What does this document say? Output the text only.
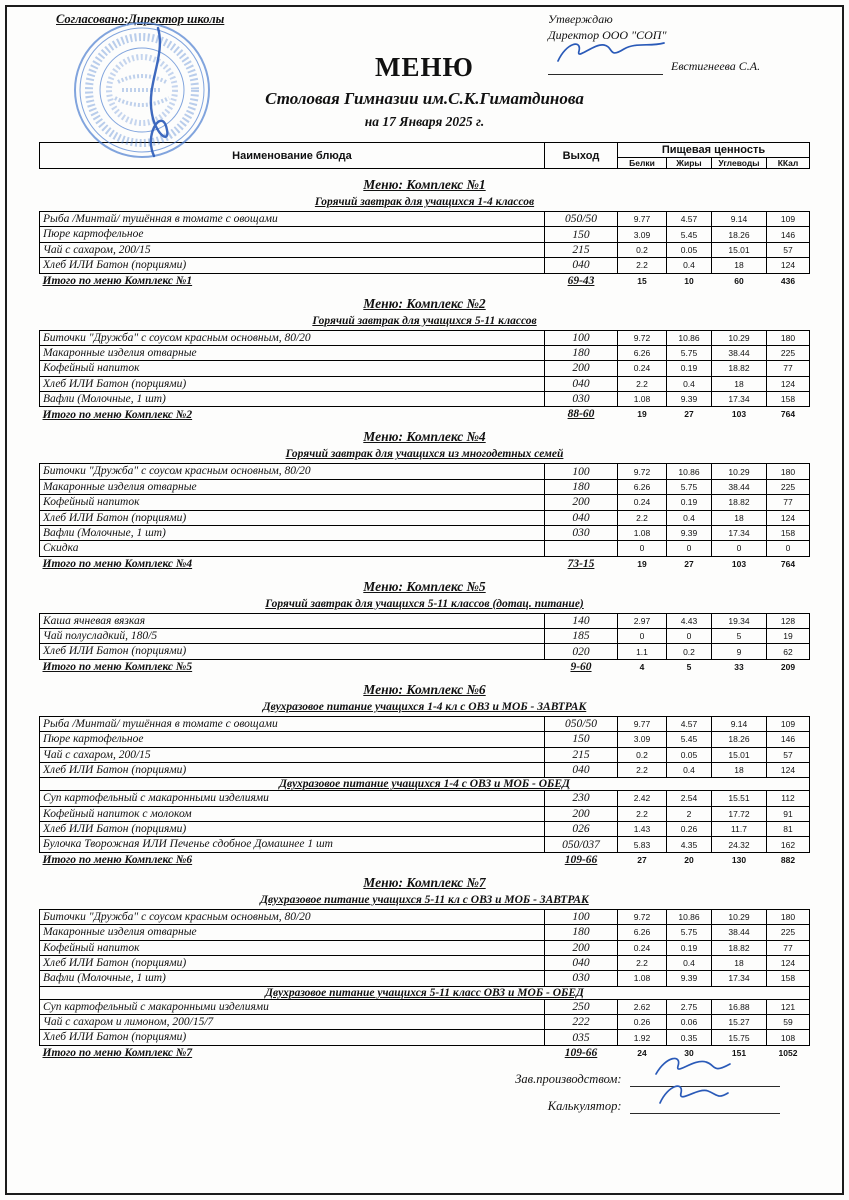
Согласовано:Директор школы	Утверждаю
Директор ООО "СОП"
Евстигнеева С.А.
МЕНЮ
Столовая Гимназии им.С.К.Гиматдинова
на 17 Января 2025 г.
Наименование блюда	Выход	Пищевая ценность			
		Белки	Жиры	Углеводы	ККал
Меню: Комплекс №1
Горячий завтрак для учащихся 1-4 классов
Рыба /Минтай/ тушённая в томате с овощами	050/50	9.77	4.57	9.14	109
Пюре картофельное	150	3.09	5.45	18.26	146
Чай с сахаром, 200/15	215	0.2	0.05	15.01	57
Хлеб ИЛИ Батон (порциями)	040	2.2	0.4	18	124
Итого по меню Комплекс №1	69-43	15	10	60	436
Меню: Комплекс №2
Горячий завтрак для учащихся 5-11 классов
Биточки "Дружба" с соусом красным основным, 80/20	100	9.72	10.86	10.29	180
Макаронные изделия отварные	180	6.26	5.75	38.44	225
Кофейный напиток	200	0.24	0.19	18.82	77
Хлеб ИЛИ Батон (порциями)	040	2.2	0.4	18	124
Вафли (Молочные, 1 шт)	030	1.08	9.39	17.34	158
Итого по меню Комплекс №2	88-60	19	27	103	764
Меню: Комплекс №4
Горячий завтрак для учащихся из многодетных семей
Биточки "Дружба" с соусом красным основным, 80/20	100	9.72	10.86	10.29	180
Макаронные изделия отварные	180	6.26	5.75	38.44	225
Кофейный напиток	200	0.24	0.19	18.82	77
Хлеб ИЛИ Батон (порциями)	040	2.2	0.4	18	124
Вафли (Молочные, 1 шт)	030	1.08	9.39	17.34	158
Скидка		0	0	0	0
Итого по меню Комплекс №4	73-15	19	27	103	764
Меню: Комплекс №5
Горячий завтрак для учащихся 5-11 классов (дотац. питание)
Каша ячневая вязкая	140	2.97	4.43	19.34	128
Чай полусладкий, 180/5	185	0	0	5	19
Хлеб ИЛИ Батон (порциями)	020	1.1	0.2	9	62
Итого по меню Комплекс №5	9-60	4	5	33	209
Меню: Комплекс №6
Двухразовое питание учащихся 1-4 кл с ОВЗ и МОБ - ЗАВТРАК
Рыба /Минтай/ тушённая в томате с овощами	050/50	9.77	4.57	9.14	109
Пюре картофельное	150	3.09	5.45	18.26	146
Чай с сахаром, 200/15	215	0.2	0.05	15.01	57
Хлеб ИЛИ Батон (порциями)	040	2.2	0.4	18	124
Двухразовое питание учащихся 1-4 с ОВЗ и МОБ - ОБЕД					
Суп картофельный с макаронными изделиями	230	2.42	2.54	15.51	112
Кофейный напиток с молоком	200	2.2	2	17.72	91
Хлеб ИЛИ Батон (порциями)	026	1.43	0.26	11.7	81
Булочка Творожная ИЛИ Печенье сдобное Домашнее 1 шт	050/037	5.83	4.35	24.32	162
Итого по меню Комплекс №6	109-66	27	20	130	882
Меню: Комплекс №7
Двухразовое питание учащихся 5-11 кл с ОВЗ и МОБ - ЗАВТРАК
Биточки "Дружба" с соусом красным основным, 80/20	100	9.72	10.86	10.29	180
Макаронные изделия отварные	180	6.26	5.75	38.44	225
Кофейный напиток	200	0.24	0.19	18.82	77
Хлеб ИЛИ Батон (порциями)	040	2.2	0.4	18	124
Вафли (Молочные, 1 шт)	030	1.08	9.39	17.34	158
Двухразовое питание учащихся 5-11 класс ОВЗ и МОБ - ОБЕД					
Суп картофельный с макаронными изделиями	250	2.62	2.75	16.88	121
Чай с сахаром и лимоном, 200/15/7	222	0.26	0.06	15.27	59
Хлеб ИЛИ Батон (порциями)	035	1.92	0.35	15.75	108
Итого по меню Комплекс №7	109-66	24	30	151	1052
Зав.производством:
Калькулятор:
